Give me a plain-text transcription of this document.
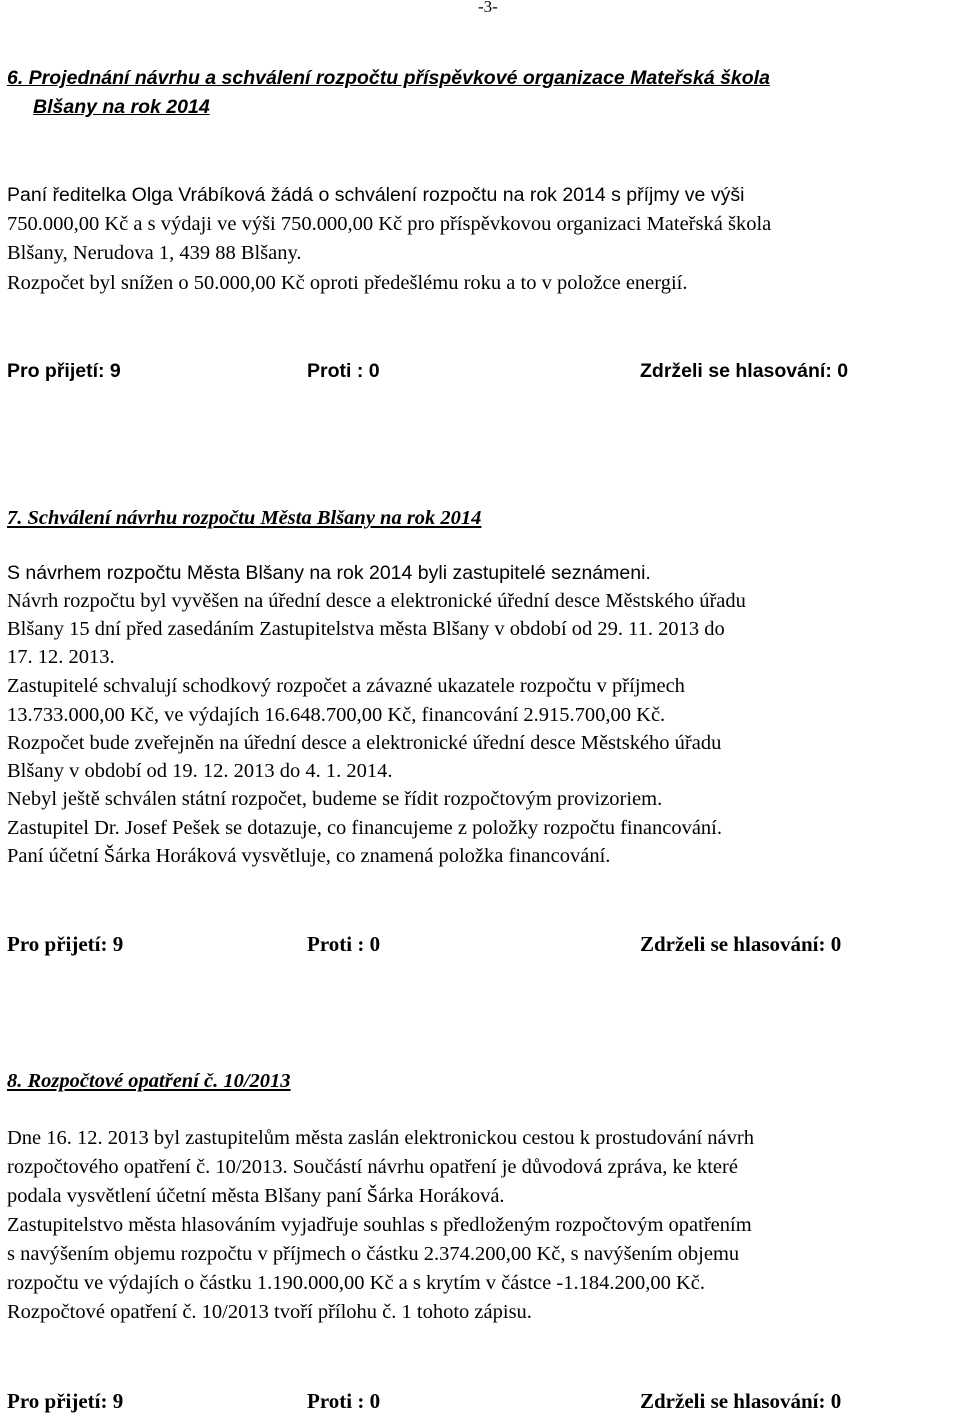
-3-
6. Projednání návrhu a schválení rozpočtu příspěvkové organizace Mateřská škola
Blšany na rok 2014
Paní ředitelka Olga Vrábíková žádá o schválení rozpočtu na rok 2014 s příjmy ve výši
750.000,00 Kč a s výdaji ve výši 750.000,00 Kč pro příspěvkovou organizaci Mateřská škola
Blšany, Nerudova 1, 439 88 Blšany.
Rozpočet byl snížen o 50.000,00 Kč oproti předešlému roku a to v položce energií.
Pro přijetí: 9	Proti : 0	Zdrželi se hlasování: 0
7. Schválení návrhu rozpočtu Města Blšany na rok 2014
S návrhem rozpočtu Města Blšany na rok 2014 byli zastupitelé seznámeni.
Návrh rozpočtu byl vyvěšen na úřední desce a elektronické úřední desce Městského úřadu
Blšany 15 dní před zasedáním Zastupitelstva města Blšany v období od 29. 11. 2013 do
17. 12. 2013.
Zastupitelé schvalují schodkový rozpočet a závazné ukazatele rozpočtu v příjmech
13.733.000,00 Kč, ve výdajích 16.648.700,00 Kč, financování 2.915.700,00 Kč.
Rozpočet bude zveřejněn na úřední desce a elektronické úřední desce Městského úřadu
Blšany v období od 19. 12. 2013 do 4. 1. 2014.
Nebyl ještě schválen státní rozpočet, budeme se řídit rozpočtovým provizoriem.
Zastupitel Dr. Josef Pešek se dotazuje, co financujeme z položky rozpočtu financování.
Paní účetní Šárka Horáková vysvětluje, co znamená položka financování.
Pro přijetí: 9	Proti : 0	Zdrželi se hlasování: 0
8. Rozpočtové opatření č. 10/2013
Dne 16. 12. 2013 byl zastupitelům města zaslán elektronickou cestou k prostudování návrh
rozpočtového opatření č. 10/2013. Součástí návrhu opatření je důvodová zpráva, ke které
podala vysvětlení účetní města Blšany paní Šárka Horáková.
Zastupitelstvo města hlasováním vyjadřuje souhlas s předloženým rozpočtovým opatřením
s navýšením objemu rozpočtu v příjmech o částku 2.374.200,00 Kč, s navýšením objemu
rozpočtu ve výdajích o částku 1.190.000,00 Kč a s krytím v částce -1.184.200,00 Kč.
Rozpočtové opatření č. 10/2013 tvoří přílohu č. 1 tohoto zápisu.
Pro přijetí: 9	Proti : 0	Zdrželi se hlasování: 0
